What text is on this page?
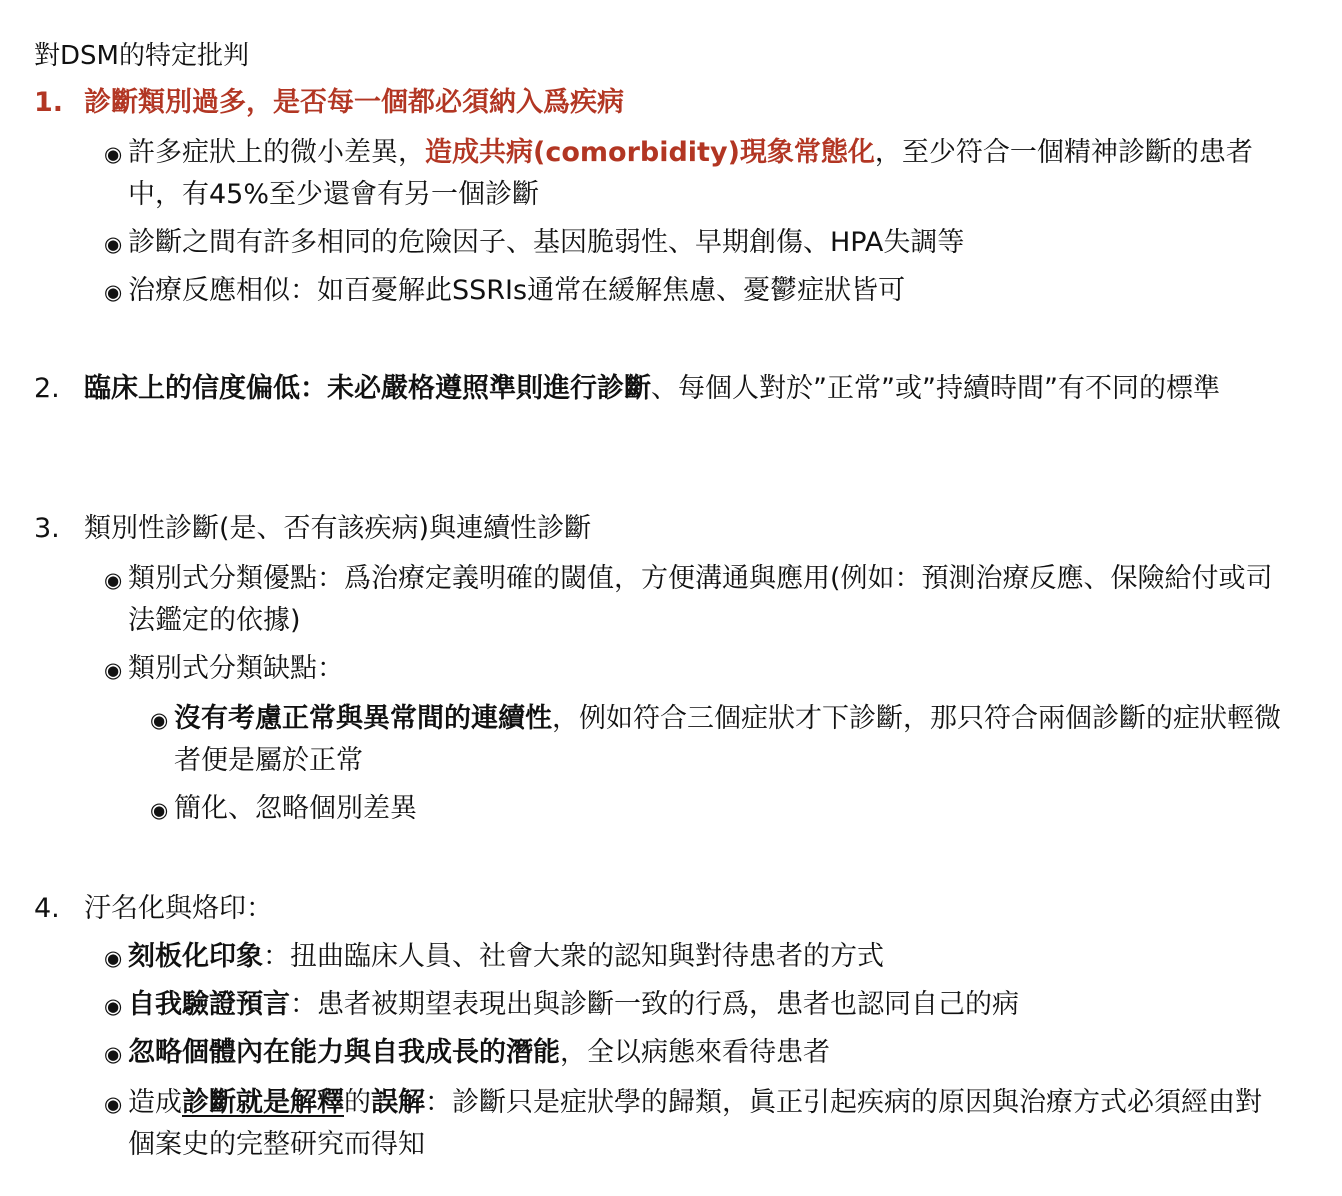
對DSM的特定批判
1. 診斷類別過多，是否每一個都必須納入爲疾病
◉ 許多症狀上的微小差異，造成共病(comorbidity)現象常態化，至少符合一個精神診斷的患者中，有45%至少還會有另一個診斷
◉ 診斷之間有許多相同的危險因子、基因脆弱性、早期創傷、HPA失調等
◉ 治療反應相似：如百憂解此SSRIs通常在緩解焦慮、憂鬱症狀皆可
2. 臨床上的信度偏低：未必嚴格遵照準則進行診斷、每個人對於”正常”或”持續時間”有不同的標準
3. 類別性診斷(是、否有該疾病)與連續性診斷
◉ 類別式分類優點：爲治療定義明確的閾值，方便溝通與應用(例如：預測治療反應、保險給付或司法鑑定的依據)
◉ 類別式分類缺點：
◉ 沒有考慮正常與異常間的連續性，例如符合三個症狀才下診斷，那只符合兩個診斷的症狀輕微者便是屬於正常
◉ 簡化、忽略個別差異
4. 汙名化與烙印：
◉ 刻板化印象：扭曲臨床人員、社會大衆的認知與對待患者的方式
◉ 自我驗證預言：患者被期望表現出與診斷一致的行爲，患者也認同自己的病
◉ 忽略個體內在能力與自我成長的潛能，全以病態來看待患者
◉ 造成診斷就是解釋的誤解：診斷只是症狀學的歸類，眞正引起疾病的原因與治療方式必須經由對個案史的完整研究而得知
